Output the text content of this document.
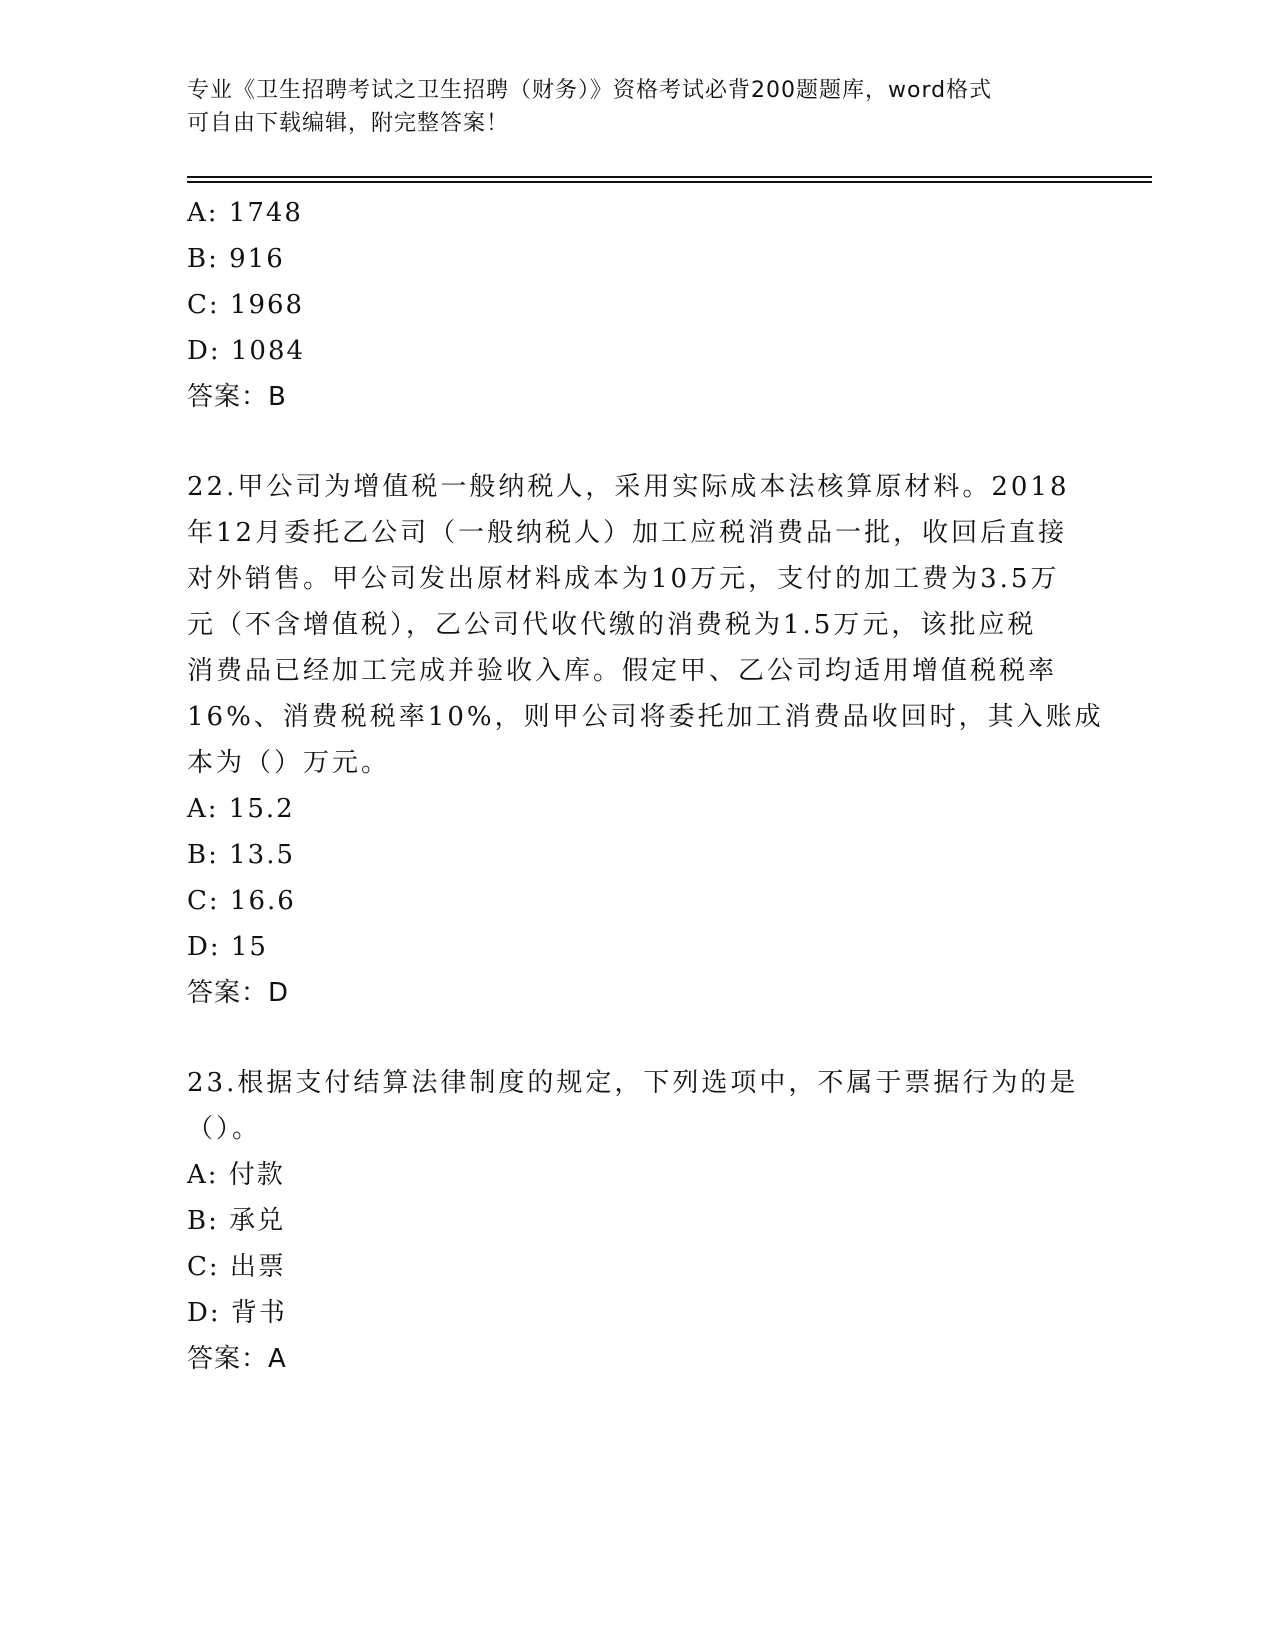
专业《卫生招聘考试之卫生招聘（财务）》资格考试必背200题题库，word格式
可自由下载编辑，附完整答案！
A: 1748
B: 916
C: 1968
D: 1084
答案：B
22.甲公司为增值税一般纳税人，采用实际成本法核算原材料。2018
年12月委托乙公司（一般纳税人）加工应税消费品一批，收回后直接
对外销售。甲公司发出原材料成本为10万元，支付的加工费为3.5万
元（不含增值税），乙公司代收代缴的消费税为1.5万元，该批应税
消费品已经加工完成并验收入库。假定甲、乙公司均适用增值税税率
16%、消费税税率10%，则甲公司将委托加工消费品收回时，其入账成
本为（）万元。
A: 15.2
B: 13.5
C: 16.6
D: 15
答案：D
23.根据支付结算法律制度的规定，下列选项中，不属于票据行为的是
（）。
A: 付款
B: 承兑
C: 出票
D: 背书
答案：A
